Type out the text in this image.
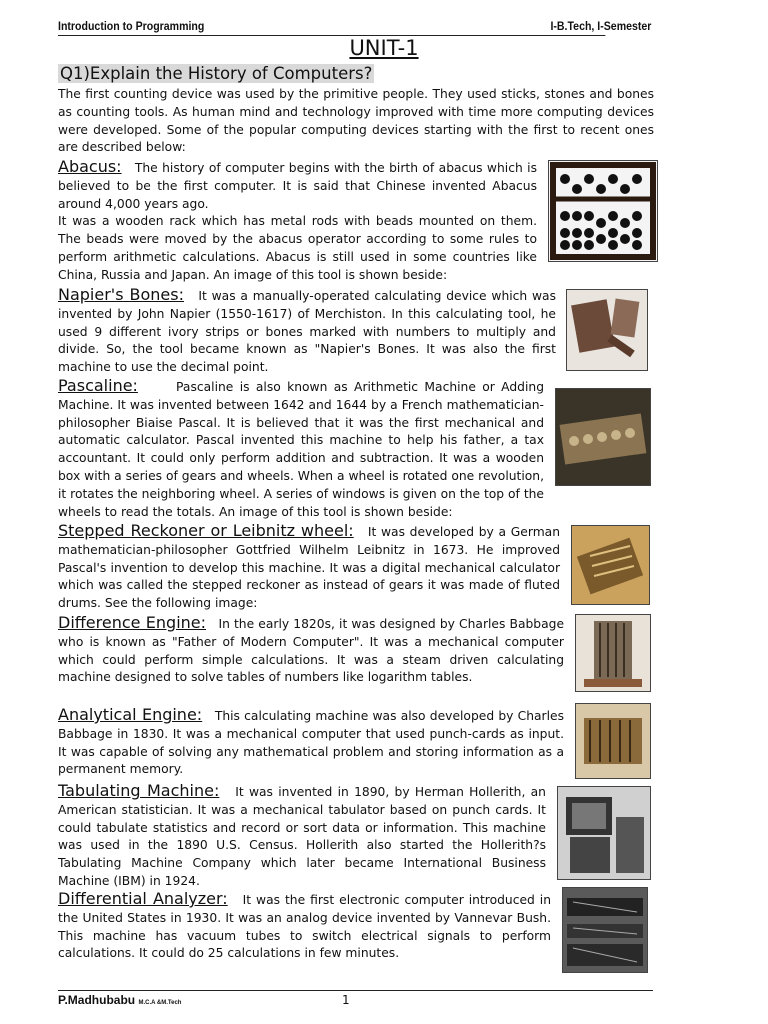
Introduction to Programming	I-B.Tech, I-Semester
UNIT-1
Q1)Explain the History of Computers?
The first counting device was used by the primitive people. They used sticks, stones and bones as counting tools. As human mind and technology improved with time more computing devices were developed. Some of the popular computing devices starting with the first to recent ones are described below:
Abacus: The history of computer begins with the birth of abacus which is believed to be the first computer. It is said that Chinese invented Abacus around 4,000 years ago.
It was a wooden rack which has metal rods with beads mounted on them. The beads were moved by the abacus operator according to some rules to perform arithmetic calculations. Abacus is still used in some countries like China, Russia and Japan. An image of this tool is shown beside:
Napier's Bones: It was a manually-operated calculating device which was invented by John Napier (1550-1617) of Merchiston. In this calculating tool, he used 9 different ivory strips or bones marked with numbers to multiply and divide. So, the tool became known as "Napier's Bones. It was also the first machine to use the decimal point.
Pascaline:	Pascaline is also known as Arithmetic Machine or Adding Machine. It was invented between 1642 and 1644 by a French mathematician-philosopher Biaise Pascal. It is believed that it was the first mechanical and automatic calculator. Pascal invented this machine to help his father, a tax accountant. It could only perform addition and subtraction. It was a wooden box with a series of gears and wheels. When a wheel is rotated one revolution, it rotates the neighboring wheel. A series of windows is given on the top of the wheels to read the totals. An image of this tool is shown beside:
Stepped Reckoner or Leibnitz wheel: It was developed by a German mathematician-philosopher Gottfried Wilhelm Leibnitz in 1673. He improved Pascal's invention to develop this machine. It was a digital mechanical calculator which was called the stepped reckoner as instead of gears it was made of fluted drums. See the following image:
Difference Engine: In the early 1820s, it was designed by Charles Babbage who is known as "Father of Modern Computer". It was a mechanical computer which could perform simple calculations. It was a steam driven calculating machine designed to solve tables of numbers like logarithm tables.
Analytical Engine: This calculating machine was also developed by Charles Babbage in 1830. It was a mechanical computer that used punch-cards as input. It was capable of solving any mathematical problem and storing information as a permanent memory.
Tabulating Machine: It was invented in 1890, by Herman Hollerith, an American statistician. It was a mechanical tabulator based on punch cards. It could tabulate statistics and record or sort data or information. This machine was used in the 1890 U.S. Census. Hollerith also started the Hollerith?s Tabulating Machine Company which later became International Business Machine (IBM) in 1924.
Differential Analyzer: It was the first electronic computer introduced in the United States in 1930. It was an analog device invented by Vannevar Bush. This machine has vacuum tubes to switch electrical signals to perform calculations. It could do 25 calculations in few minutes.
P.Madhubabu M.C.A &M.Tech	1
